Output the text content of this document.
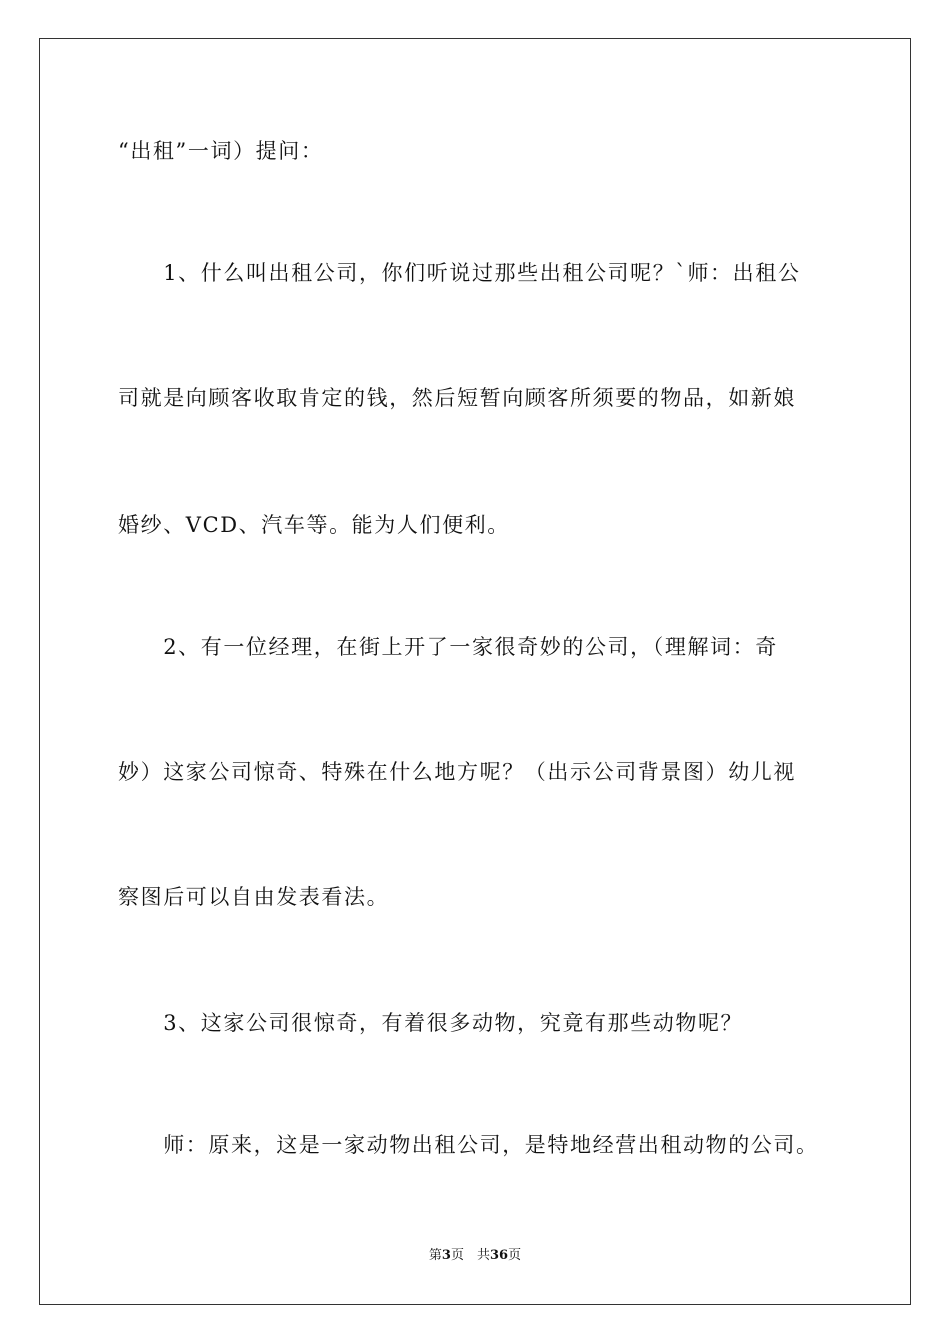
“出租”一词）提问：
　　1、什么叫出租公司，你们听说过那些出租公司呢？`师：出租公
司就是向顾客收取肯定的钱，然后短暂向顾客所须要的物品，如新娘
婚纱、VCD、汽车等。能为人们便利。
　　2、有一位经理，在街上开了一家很奇妙的公司，（理解词：奇
妙）这家公司惊奇、特殊在什么地方呢？（出示公司背景图）幼儿视
察图后可以自由发表看法。
　　3、这家公司很惊奇，有着很多动物，究竟有那些动物呢？
　　师：原来，这是一家动物出租公司，是特地经营出租动物的公司。
第3页　共36页
